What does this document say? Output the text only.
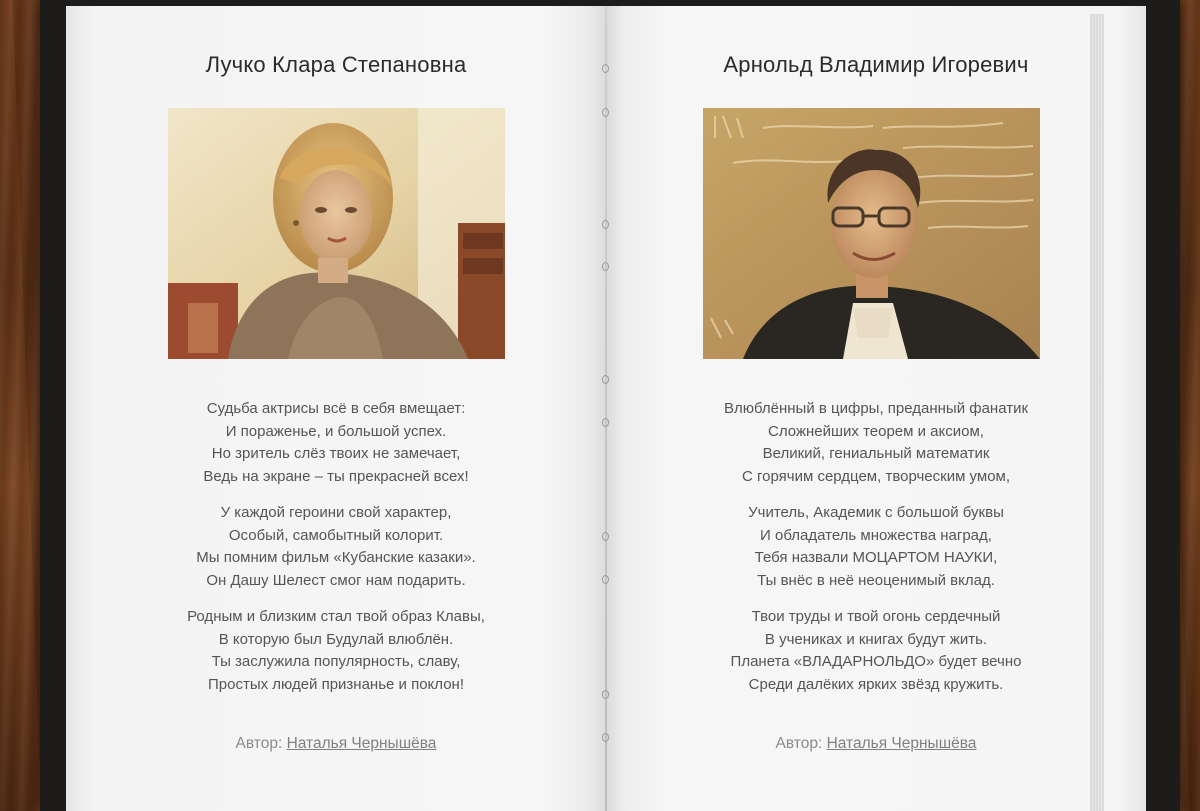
Лучко Клара Степановна
Судьба актрисы всё в себя вмещает:
И пораженье, и большой успех.
Но зритель слёз твоих не замечает,
Ведь на экране – ты прекрасней всех!
У каждой героини свой характер,
Особый, самобытный колорит.
Мы помним фильм «Кубанские казаки».
Он Дашу Шелест смог нам подарить.
Родным и близким стал твой образ Клавы,
В которую был Будулай влюблён.
Ты заслужила популярность, славу,
Простых людей признанье и поклон!
Автор: Наталья Чернышёва
Арнольд Владимир Игоревич
Влюблённый в цифры, преданный фанатик
Сложнейших теорем и аксиом,
Великий, гениальный математик
С горячим сердцем, творческим умом,
Учитель, Академик с большой буквы
И обладатель множества наград,
Тебя назвали МОЦАРТОМ НАУКИ,
Ты внёс в неё неоценимый вклад.
Твои труды и твой огонь сердечный
В учениках и книгах будут жить.
Планета «ВЛАДАРНОЛЬДО» будет вечно
Среди далёких ярких звёзд кружить.
Автор: Наталья Чернышёва
